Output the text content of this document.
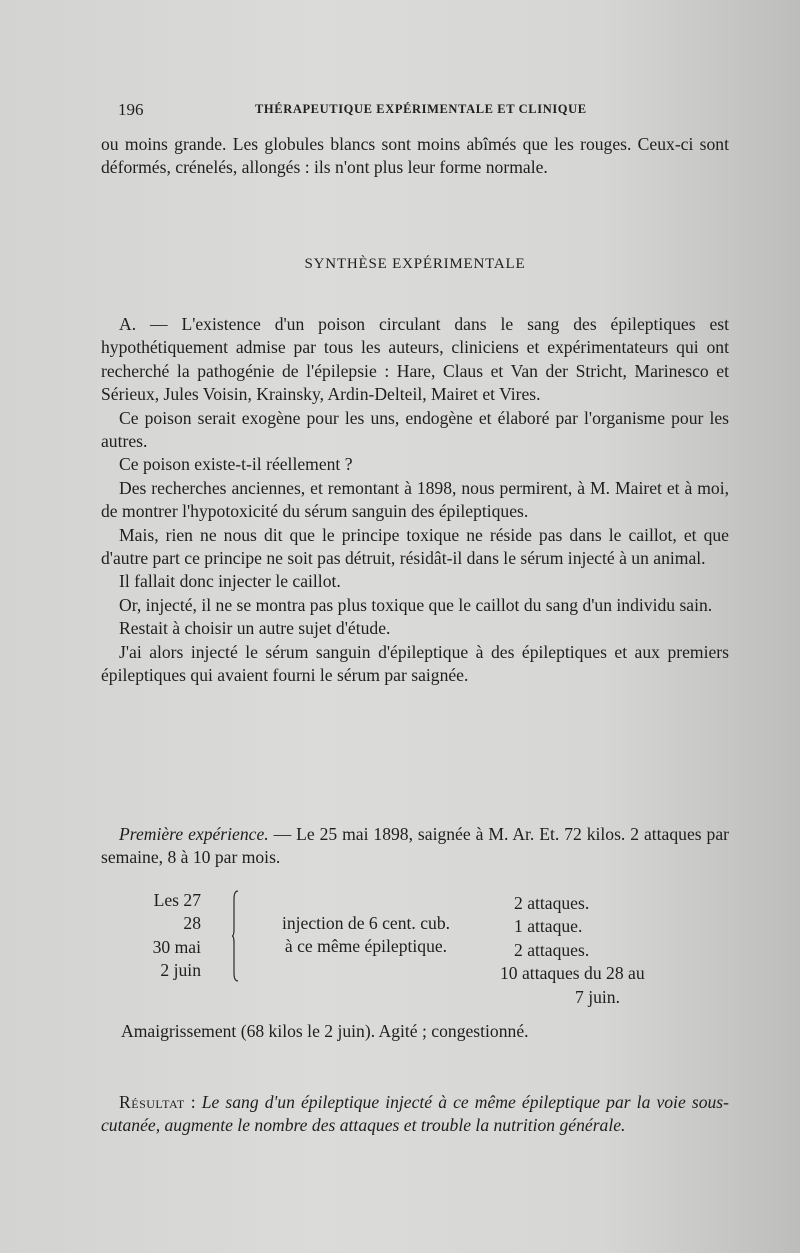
196	THÉRAPEUTIQUE EXPÉRIMENTALE ET CLINIQUE

ou moins grande. Les globules blancs sont moins abîmés que les rouges. Ceux-ci sont déformés, crénelés, allongés : ils n'ont plus leur forme normale.

SYNTHÈSE EXPÉRIMENTALE

A. — L'existence d'un poison circulant dans le sang des épileptiques est hypothétiquement admise par tous les auteurs, cliniciens et expérimentateurs qui ont recherché la pathogénie de l'épilepsie : Hare, Claus et Van der Stricht, Marinesco et Sérieux, Jules Voisin, Krainsky, Ardin-Delteil, Mairet et Vires.

Ce poison serait exogène pour les uns, endogène et élaboré par l'organisme pour les autres.

Ce poison existe-t-il réellement ?

Des recherches anciennes, et remontant à 1898, nous permirent, à M. Mairet et à moi, de montrer l'hypotoxicité du sérum sanguin des épileptiques.

Mais, rien ne nous dit que le principe toxique ne réside pas dans le caillot, et que d'autre part ce principe ne soit pas détruit, résidât-il dans le sérum injecté à un animal.

Il fallait donc injecter le caillot.

Or, injecté, il ne se montra pas plus toxique que le caillot du sang d'un individu sain.

Restait à choisir un autre sujet d'étude.

J'ai alors injecté le sérum sanguin d'épileptique à des épileptiques et aux premiers épileptiques qui avaient fourni le sérum par saignée.

Première expérience. — Le 25 mai 1898, saignée à M. Ar. Et. 72 kilos. 2 attaques par semaine, 8 à 10 par mois.

Les 27
28
30 mai
2 juin
injection de 6 cent. cub.
à ce même épileptique.
2 attaques.
1 attaque.
2 attaques.
10 attaques du 28 au
7 juin.
Amaigrissement (68 kilos le 2 juin). Agité ; congestionné.

Résultat : Le sang d'un épileptique injecté à ce même épileptique par la voie sous-cutanée, augmente le nombre des attaques et trouble la nutrition générale.
